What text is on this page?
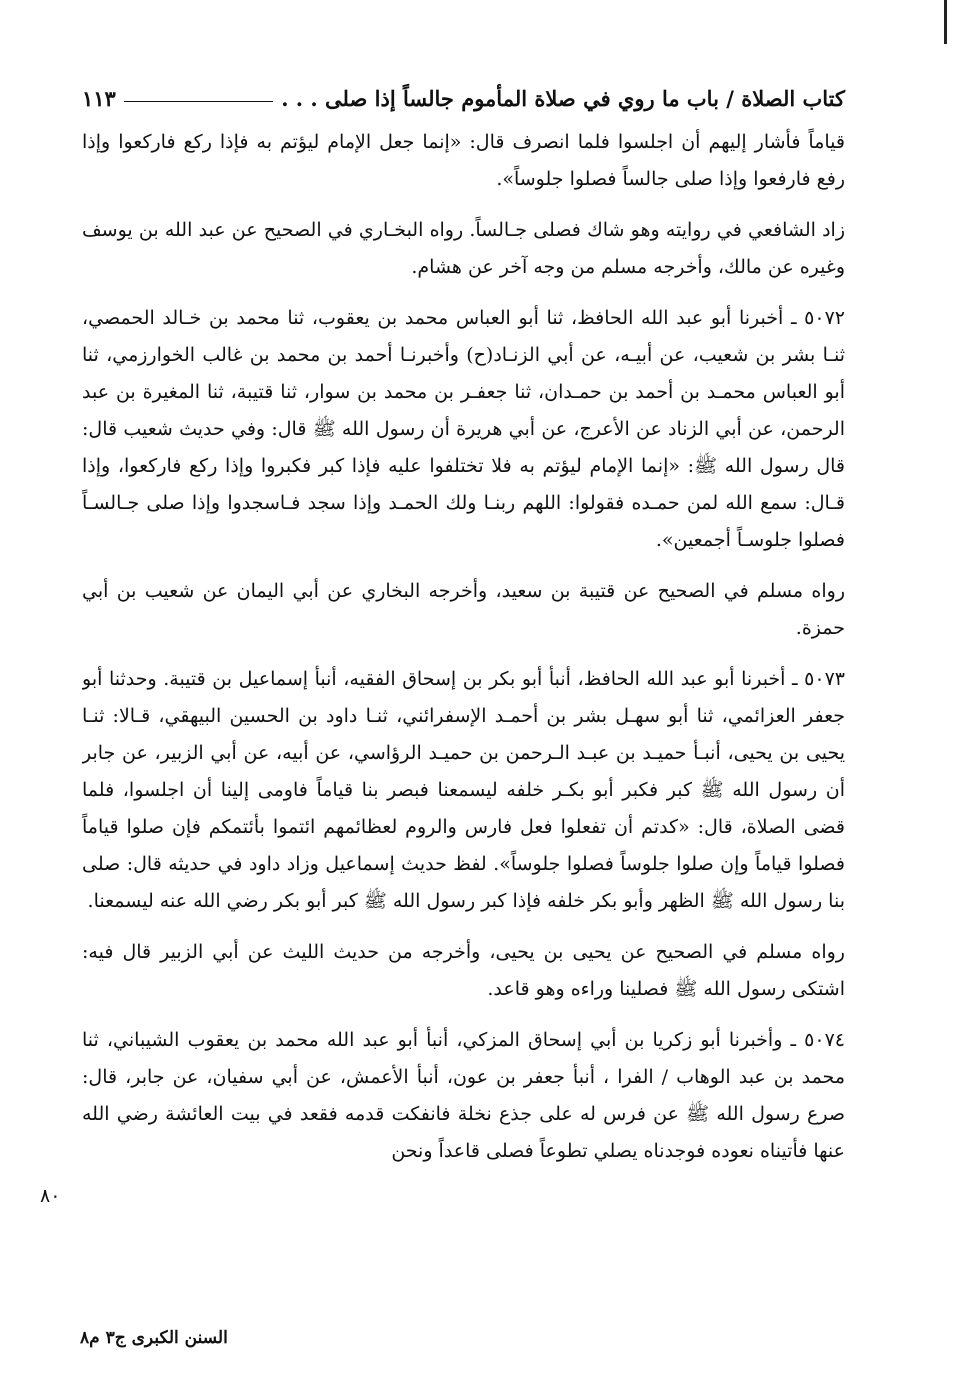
كتاب الصلاة / باب ما روي في صلاة المأموم جالساً إذا صلى . . .
١١٣

قياماً فأشار إليهم أن اجلسوا فلما انصرف قال: «إنما جعل الإمام ليؤتم به فإذا ركع فاركعوا وإذا رفع فارفعوا وإذا صلى جالساً فصلوا جلوساً».

زاد الشافعي في روايته وهو شاك فصلى جـالساً. رواه البخـاري في الصحيح عن عبد الله بن يوسف وغيره عن مالك، وأخرجه مسلم من وجه آخر عن هشام.

٥٠٧٢ ـ أخبرنا أبو عبد الله الحافظ، ثنا أبو العباس محمد بن يعقوب، ثنا محمد بن خـالد الحمصي، ثنـا بشر بن شعيب، عن أبيـه، عن أبي الزنـاد(ح) وأخبرنـا أحمد بن محمد بن غالب الخوارزمي، ثنا أبو العباس محمـد بن أحمد بن حمـدان، ثنا جعفـر بن محمد بن سوار، ثنا قتيبة، ثنا المغيرة بن عبد الرحمن، عن أبي الزناد عن الأعرج، عن أبي هريرة أن رسول الله ﷺ قال: وفي حديث شعيب قال: قال رسول الله ﷺ: «إنما الإمام ليؤتم به فلا تختلفوا عليه فإذا كبر فكبروا وإذا ركع فاركعوا، وإذا قـال: سمع الله لمن حمـده فقولوا: اللهم ربنـا ولك الحمـد وإذا سجد فـاسجدوا وإذا صلى جـالسـاً فصلوا جلوسـاً أجمعين».

رواه مسلم في الصحيح عن قتيبة بن سعيد، وأخرجه البخاري عن أبي اليمان عن شعيب بن أبي حمزة.

٥٠٧٣ ـ أخبرنا أبو عبد الله الحافظ، أنبأ أبو بكر بن إسحاق الفقيه، أنبأ إسماعيل بن قتيبة. وحدثنا أبو جعفر العزائمي، ثنا أبو سهـل بشر بن أحمـد الإسفرائني، ثنـا داود بن الحسين البيهقي، قـالا: ثنـا يحيى بن يحيى، أنبـأ حميـد بن عبـد الـرحمن بن حميـد الرؤاسي، عن أبيه، عن أبي الزبير، عن جابر أن رسول الله ﷺ كبر فكبر أبو بكـر خلفه ليسمعنا فبصر بنا قياماً فاومى إلينا أن اجلسوا، فلما قضى الصلاة، قال: «كدتم أن تفعلوا فعل فارس والروم لعظائمهم ائتموا بأئتمكم فإن صلوا قياماً فصلوا قياماً وإن صلوا جلوساً فصلوا جلوساً». لفظ حديث إسماعيل وزاد داود في حديثه قال: صلى بنا رسول الله ﷺ الظهر وأبو بكر خلفه فإذا كبر رسول الله ﷺ كبر أبو بكر رضي الله عنه ليسمعنا.

رواه مسلم في الصحيح عن يحيى بن يحيى، وأخرجه من حديث الليث عن أبي الزبير قال فيه: اشتكى رسول الله ﷺ فصلينا وراءه وهو قاعد.

٥٠٧٤ ـ وأخبرنا أبو زكريا بن أبي إسحاق المزكي، أنبأ أبو عبد الله محمد بن يعقوب الشيباني، ثنا محمد بن عبد الوهاب / الفرا ، أنبأ جعفر بن عون، أنبأ الأعمش، عن أبي سفيان، عن جابر، قال: صرع رسول الله ﷺ عن فرس له على جذع نخلة فانفكت قدمه فقعد في بيت العائشة رضي الله عنها فأتيناه نعوده فوجدناه يصلي تطوعاً فصلى قاعداً ونحن

٨٠
السنن الكبرى ج٣ م٨
